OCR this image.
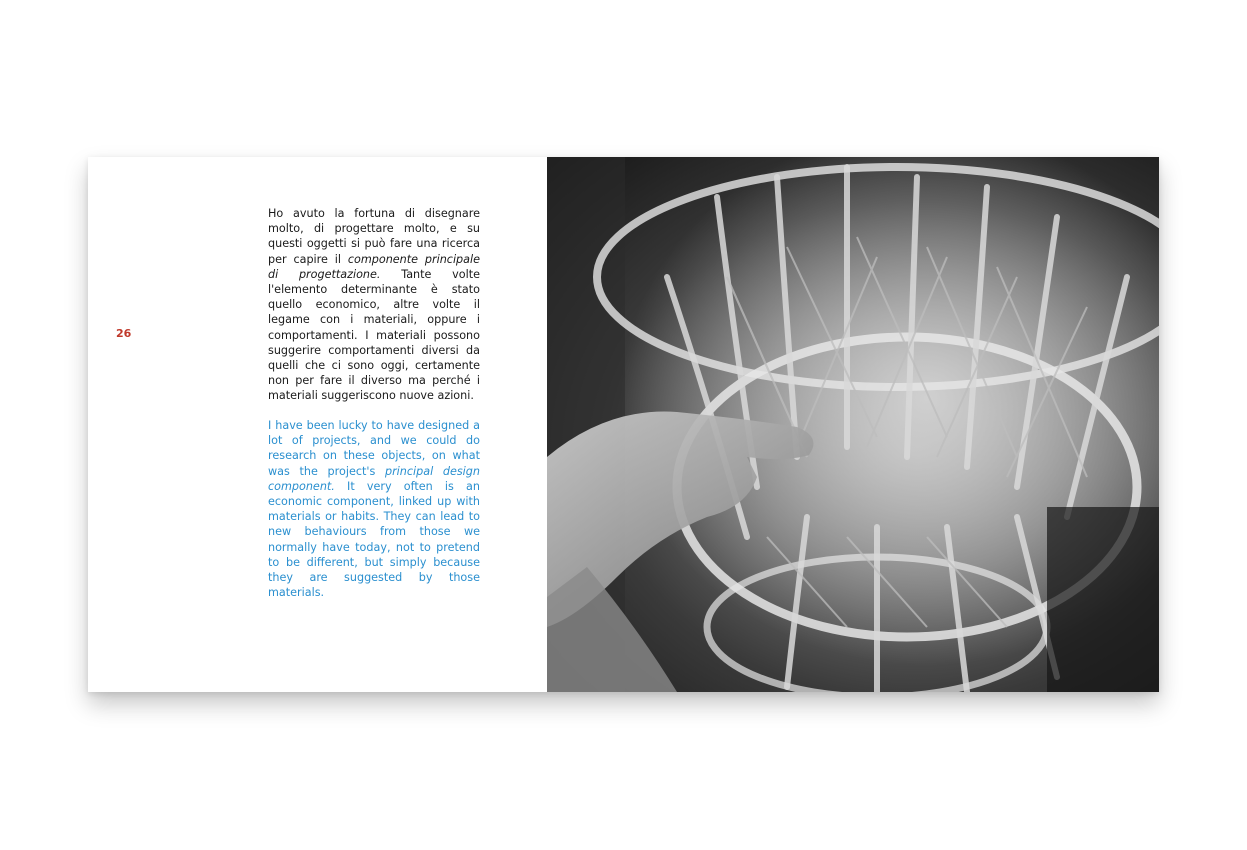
26

Ho avuto la fortuna di disegnare molto, di progettare molto, e su questi oggetti si può fare una ricerca per capire il componente principale di progettazione. Tante volte l'elemento determinante è stato quello economico, altre volte il legame con i materiali, oppure i comportamenti. I materiali possono suggerire comportamenti diversi da quelli che ci sono oggi, certamente non per fare il diverso ma perché i materiali suggeriscono nuove azioni.

I have been lucky to have designed a lot of projects, and we could do research on these objects, on what was the project's principal design component. It very often is an economic component, linked up with materials or habits. They can lead to new behaviours from those we normally have today, not to pretend to be different, but simply because they are suggested by those materials.
